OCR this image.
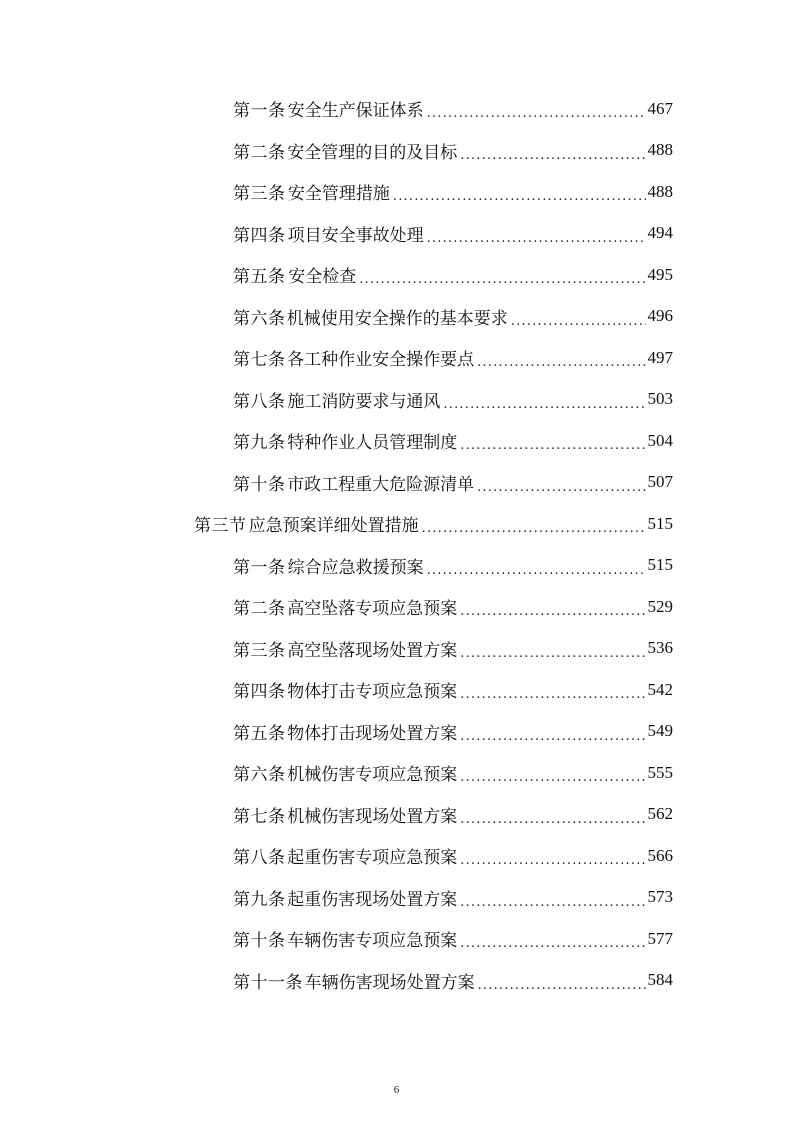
第一条 安全生产保证体系 .....	467
第二条 安全管理的目的及目标 .....	488
第三条 安全管理措施 .....	488
第四条 项目安全事故处理 .....	494
第五条 安全检查 .....	495
第六条 机械使用安全操作的基本要求 .....	496
第七条 各工种作业安全操作要点 .....	497
第八条 施工消防要求与通风 .....	503
第九条 特种作业人员管理制度 .....	504
第十条 市政工程重大危险源清单 .....	507
第三节 应急预案详细处置措施 .....	515
第一条 综合应急救援预案 .....	515
第二条 高空坠落专项应急预案 .....	529
第三条 高空坠落现场处置方案 .....	536
第四条 物体打击专项应急预案 .....	542
第五条 物体打击现场处置方案 .....	549
第六条 机械伤害专项应急预案 .....	555
第七条 机械伤害现场处置方案 .....	562
第八条 起重伤害专项应急预案 .....	566
第九条 起重伤害现场处置方案 .....	573
第十条 车辆伤害专项应急预案 .....	577
第十一条 车辆伤害现场处置方案 .....	584
6
